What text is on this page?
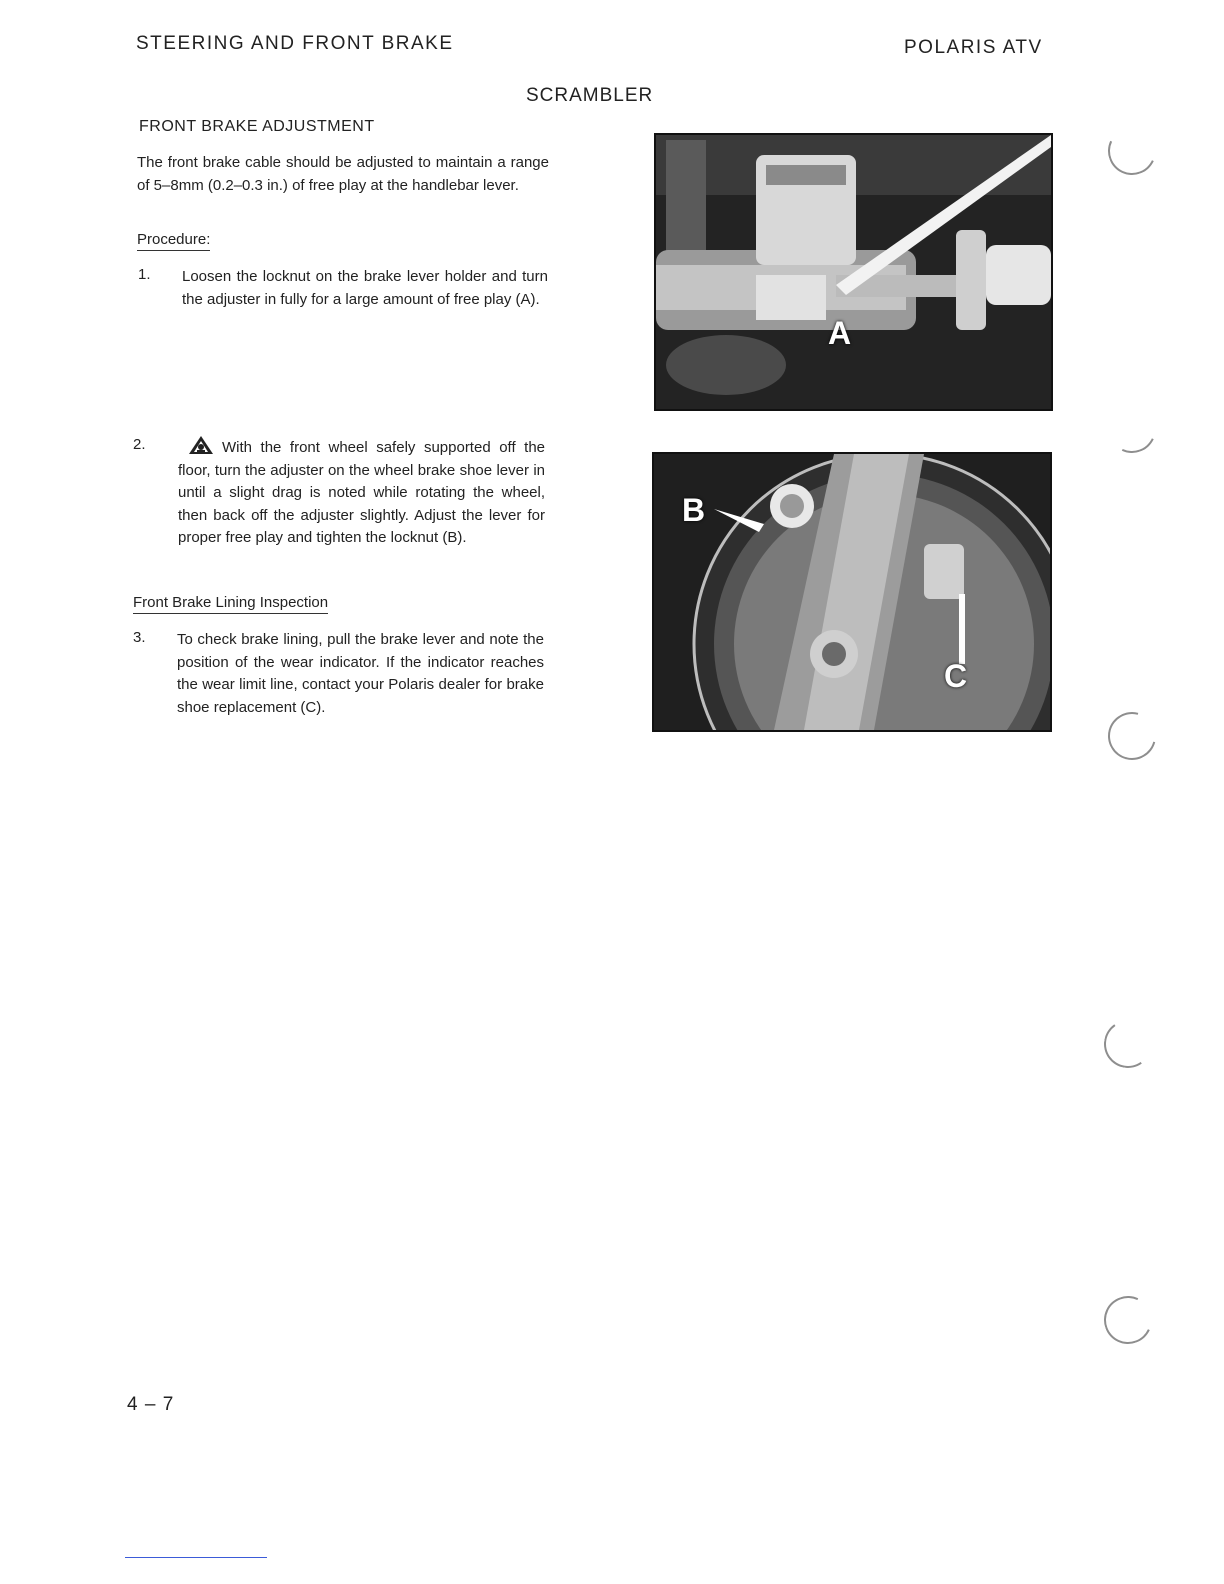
STEERING AND FRONT BRAKE	POLARIS ATV
SCRAMBLER
FRONT BRAKE ADJUSTMENT
The front brake cable should be adjusted to maintain a range of 5–8mm (0.2–0.3 in.) of free play at the handlebar lever.
Procedure:
1. Loosen the locknut on the brake lever holder and turn the adjuster in fully for a large amount of free play (A).
2.	With the front wheel safely supported off the floor, turn the adjuster on the wheel brake shoe lever in until a slight drag is noted while rotating the wheel, then back off the adjuster slightly. Adjust the lever for proper free play and tighten the locknut (B).
Front Brake Lining Inspection
3. To check brake lining, pull the brake lever and note the position of the wear indicator. If the indicator reaches the wear limit line, contact your Polaris dealer for brake shoe replacement (C).
A
B
C
4 – 7
